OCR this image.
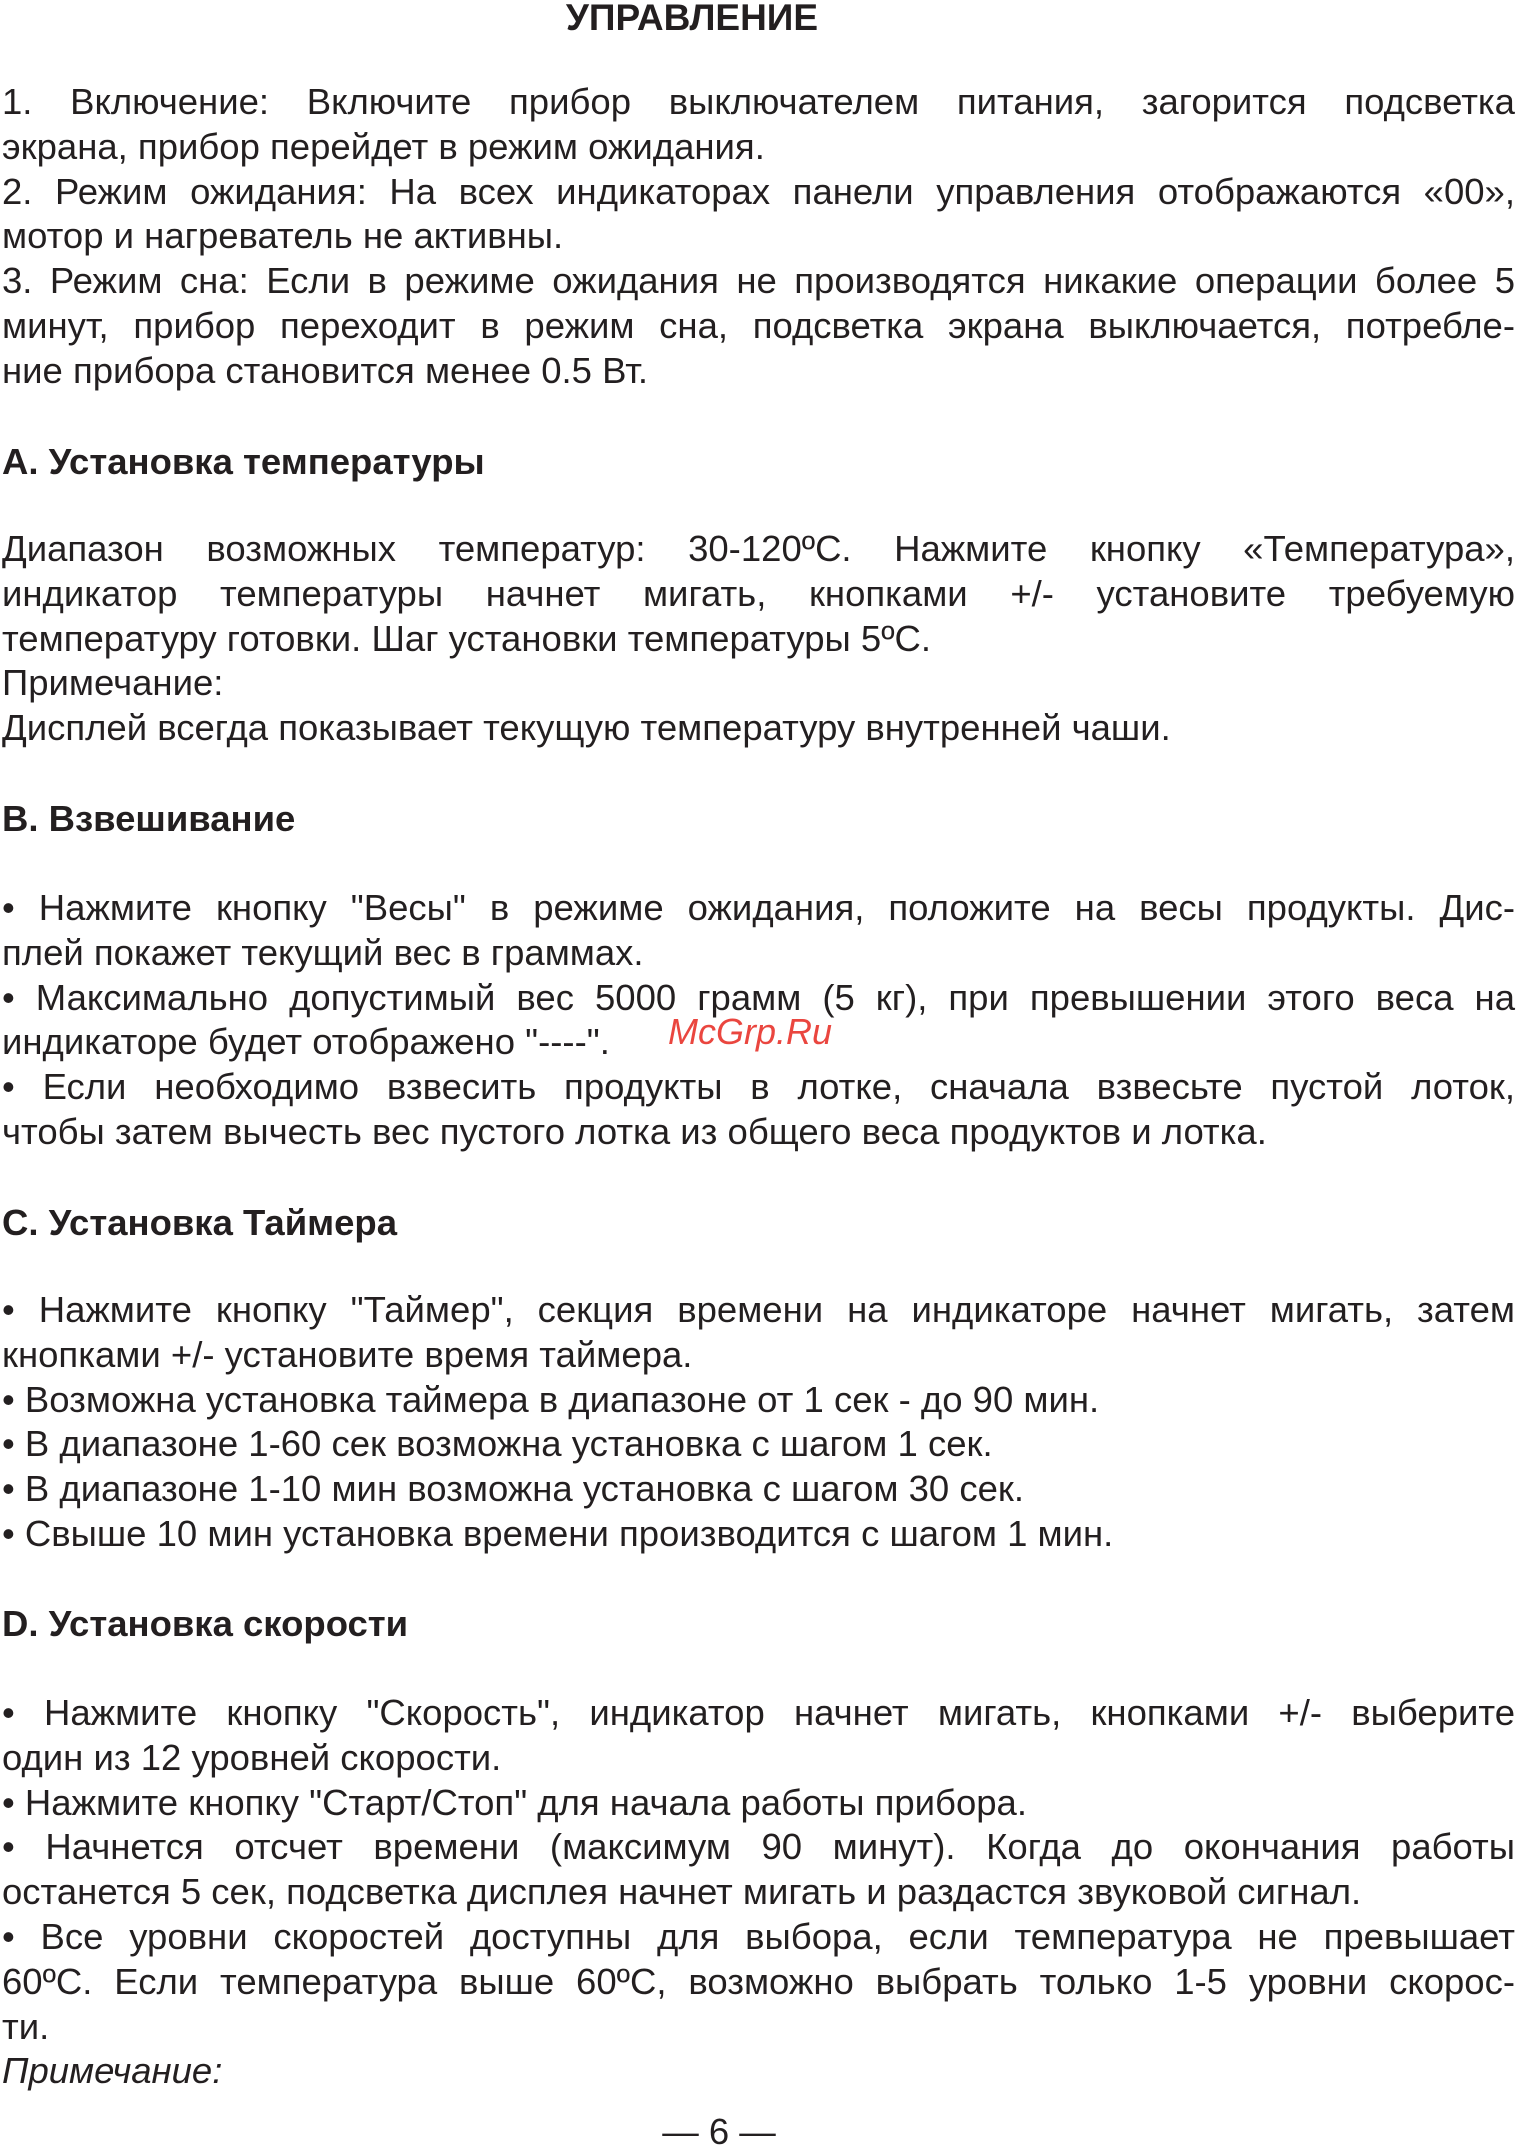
УПРАВЛЕНИЕ
1. Включение: Включите прибор выключателем питания, загорится подсветка
экрана, прибор перейдет в режим ожидания.
2. Режим ожидания: На всех индикаторах панели управления отображаются «00»,
мотор и нагреватель не активны.
3. Режим сна: Если в режиме ожидания не производятся никакие операции более 5
минут, прибор переходит в режим сна, подсветка экрана выключается, потребле-
ние прибора становится менее 0.5 Вт.
А. Установка температуры
Диапазон возможных температур: 30-120ºС. Нажмите кнопку «Температура»,
индикатор температуры начнет мигать, кнопками +/- установите требуемую
температуру готовки. Шаг установки температуры 5ºС.
Примечание:
Дисплей всегда показывает текущую температуру внутренней чаши.
В. Взвешивание
• Нажмите кнопку "Весы" в режиме ожидания, положите на весы продукты. Дис-
плей покажет текущий вес в граммах.
• Максимально допустимый вес 5000 грамм (5 кг), при превышении этого веса на
индикаторе будет отображено "----".
• Если необходимо взвесить продукты в лотке, сначала взвесьте пустой лоток,
чтобы затем вычесть вес пустого лотка из общего веса продуктов и лотка.
С. Установка Таймера
• Нажмите кнопку "Таймер", секция времени на индикаторе начнет мигать, затем
кнопками +/- установите время таймера.
• Возможна установка таймера в диапазоне от 1 сек - до 90 мин.
• В диапазоне 1-60 сек возможна установка с шагом 1 сек.
• В диапазоне 1-10 мин возможна установка с шагом 30 сек.
• Свыше 10 мин установка времени производится с шагом 1 мин.
D. Установка скорости
• Нажмите кнопку "Скорость", индикатор начнет мигать, кнопками +/- выберите
один из 12 уровней скорости.
• Нажмите кнопку "Старт/Стоп" для начала работы прибора.
• Начнется отсчет времени (максимум 90 минут). Когда до окончания работы
останется 5 сек, подсветка дисплея начнет мигать и раздастся звуковой сигнал.
• Все уровни скоростей доступны для выбора, если температура не превышает
60ºС. Если температура выше 60ºС, возможно выбрать только 1-5 уровни скорос-
ти.
Примечание:
McGrp.Ru
— 6 —
